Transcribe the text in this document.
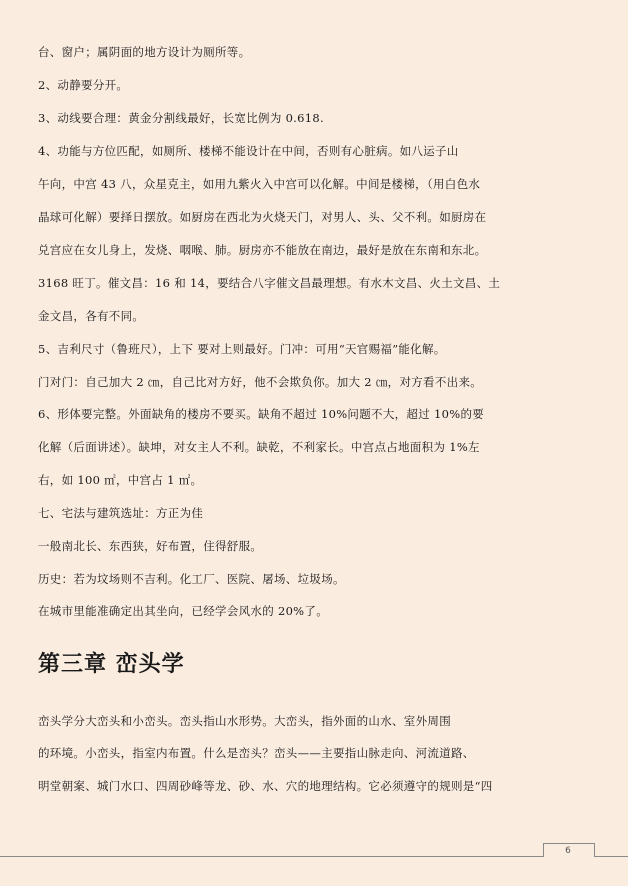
台、窗户；属阴面的地方设计为厕所等。
2、动静要分开。
3、动线要合理：黄金分割线最好，长宽比例为 0.618.
4、功能与方位匹配，如厕所、楼梯不能设计在中间，否则有心脏病。如八运子山
午向，中宫 43 八，众星克主，如用九紫火入中宫可以化解。中间是楼梯，（用白色水
晶球可化解）要择日摆放。如厨房在西北为火烧天门，对男人、头、父不利。如厨房在
兑宫应在女儿身上，发烧、咽喉、肺。厨房亦不能放在南边，最好是放在东南和东北。
3168 旺丁。催文昌：16 和 14，要结合八字催文昌最理想。有水木文昌、火土文昌、土
金文昌，各有不同。
5、吉利尺寸（鲁班尺），上下 要对上则最好。门冲：可用“天官赐福”能化解。
门对门：自己加大 2 ㎝，自己比对方好，他不会欺负你。加大 2 ㎝，对方看不出来。
6、形体要完整。外面缺角的楼房不要买。缺角不超过 10%问题不大，超过 10%的要
化解（后面讲述）。缺坤，对女主人不利。缺乾，不利家长。中宫点占地面积为 1%左
右，如 100 ㎡，中宫占 1 ㎡。
七、宅法与建筑选址：方正为佳
一般南北长、东西狭，好布置，住得舒服。
历史：若为坟场则不吉利。化工厂、医院、屠场、垃圾场。
在城市里能准确定出其坐向，已经学会风水的 20%了。
第三章 峦头学
峦头学分大峦头和小峦头。峦头指山水形势。大峦头，指外面的山水、室外周围
的环境。小峦头，指室内布置。什么是峦头？峦头——主要指山脉走向、河流道路、
明堂朝案、城门水口、四周砂峰等龙、砂、水、穴的地理结构。它必须遵守的规则是“四
6
